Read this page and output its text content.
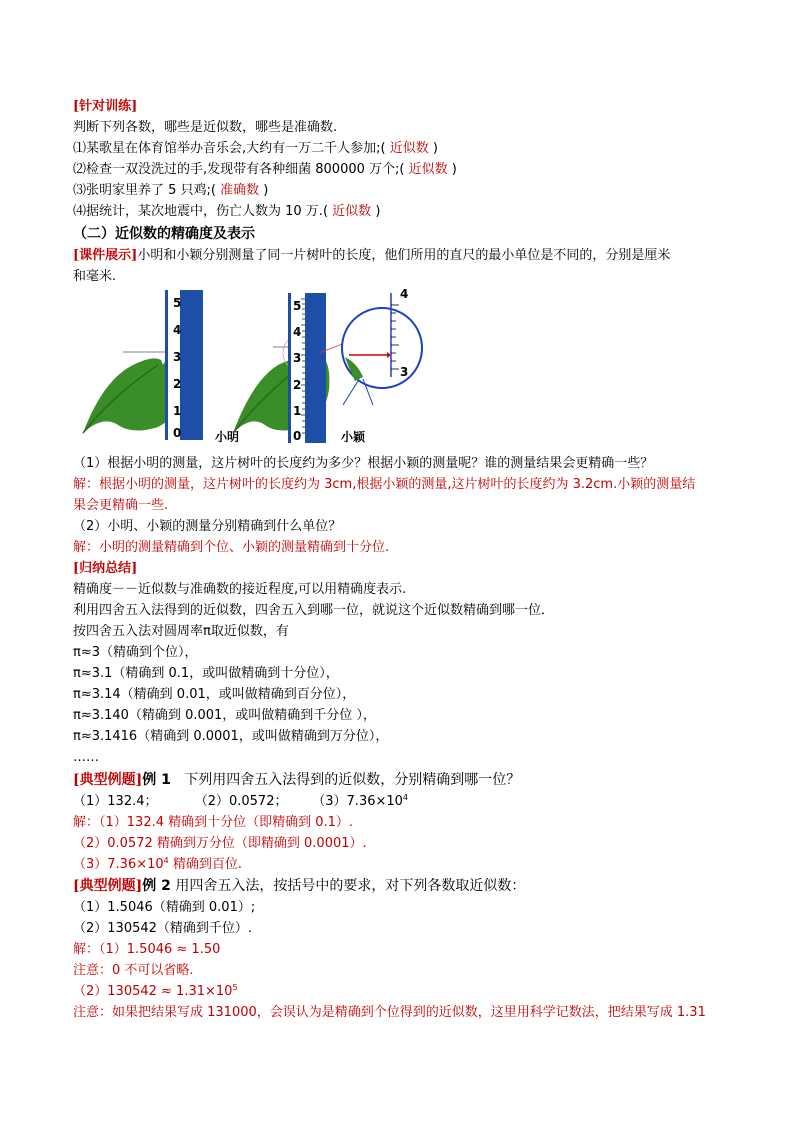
[针对训练]
判断下列各数，哪些是近似数，哪些是准确数.
⑴某歌星在体育馆举办音乐会,大约有一万二千人参加;( 近似数 )
⑵检查一双没洗过的手,发现带有各种细菌 800000 万个;( 近似数 )
⑶张明家里养了 5 只鸡;( 准确数 )
⑷据统计，某次地震中，伤亡人数为 10 万.( 近似数 )
（二）近似数的精确度及表示
[课件展示]小明和小颖分别测量了同一片树叶的长度，他们所用的直尺的最小单位是不同的，分别是厘米
和毫米.
5
4
3
2
1
0	小明
5
4
3
2
1
0	小颖
4
3
（1）根据小明的测量，这片树叶的长度约为多少？根据小颖的测量呢？谁的测量结果会更精确一些？
解：根据小明的测量，这片树叶的长度约为 3cm,根据小颖的测量,这片树叶的长度约为 3.2cm.小颖的测量结
果会更精确一些.
（2）小明、小颖的测量分别精确到什么单位？
解：小明的测量精确到个位、小颖的测量精确到十分位.
[归纳总结]
精确度－－近似数与准确数的接近程度,可以用精确度表示.
利用四舍五入法得到的近似数，四舍五入到哪一位，就说这个近似数精确到哪一位．
按四舍五入法对圆周率π取近似数，有
π≈3（精确到个位），
π≈3.1（精确到 0.1，或叫做精确到十分位），
π≈3.14（精确到 0.01，或叫做精确到百分位），
π≈3.140（精确到 0.001，或叫做精确到千分位 ），
π≈3.1416（精确到 0.0001，或叫做精确到万分位），
……
[典型例题]例 1 下列用四舍五入法得到的近似数，分别精确到哪一位？
（1）132.4；	（2）0.0572； $(3)7.36\times 10^4$
解：（1）132.4 精确到十分位（即精确到 0.1）.
（2）0.0572 精确到万分位（即精确到 0.0001）.
$(3)7.36\times 10^4$ 精确到百位.
[典型例题]例 2 用四舍五入法，按括号中的要求，对下列各数取近似数：
（1）1.5046（精确到 0.01）;
（2）130542（精确到千位）.
解：（1）1.5046 ≈ 1.50
注意：0 不可以省略.
$(2)130542 \approx 1.31\times 10^5$
注意：如果把结果写成 131000，会误认为是精确到个位得到的近似数，这里用科学记数法，把结果写成 1.31
